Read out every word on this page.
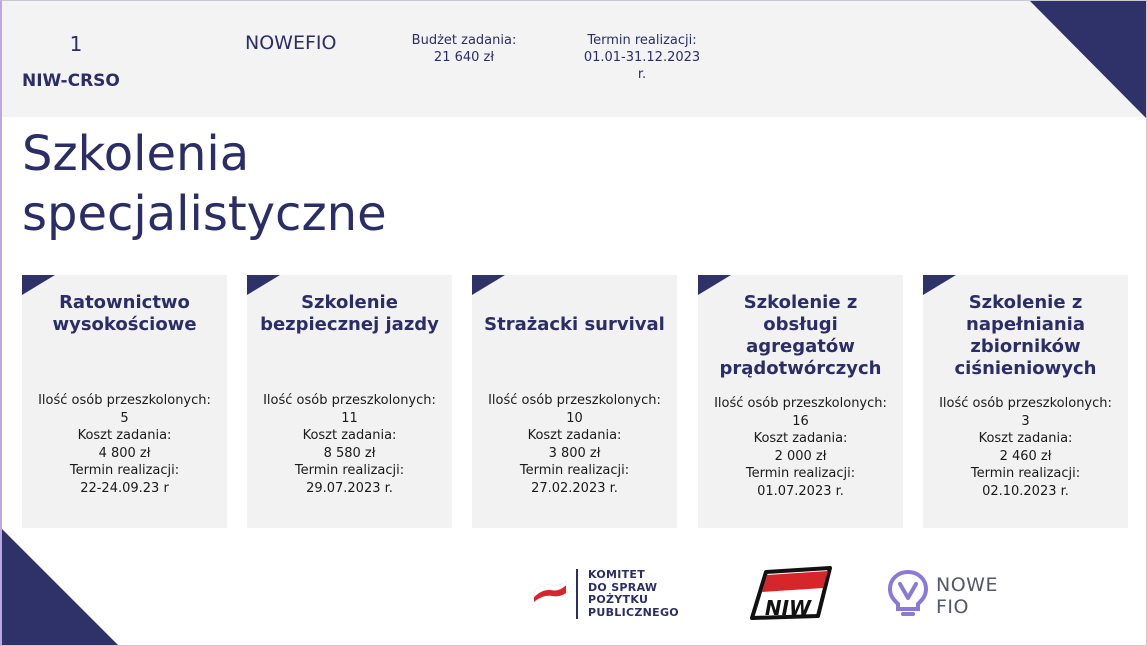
1
NIW-CRSO
NOWEFIO	Budżet zadania:
21 640 zł
Termin realizacji:
01.01-31.12.2023 r.
Szkolenia
specjalistyczne
Ratownictwo
wysokościowe
Ilość osób przeszkolonych:
5
Koszt zadania:
4 800 zł
Termin realizacji:
22-24.09.23 r
Szkolenie
bezpiecznej jazdy
Ilość osób przeszkolonych:
11
Koszt zadania:
8 580 zł
Termin realizacji:
29.07.2023 r.
Strażacki survival
Ilość osób przeszkolonych:
10
Koszt zadania:
3 800 zł
Termin realizacji:
27.02.2023 r.
Szkolenie z
obsługi
agregatów
prądotwórczych
Ilość osób przeszkolonych:
16
Koszt zadania:
2 000 zł
Termin realizacji:
01.07.2023 r.
Szkolenie z
napełniania
zbiorników
ciśnieniowych
Ilość osób przeszkolonych:
3
Koszt zadania:
2 460 zł
Termin realizacji:
02.10.2023 r.
KOMITET
DO SPRAW
POŻYTKU
PUBLICZNEGO	NIW
NOWE
FIO
